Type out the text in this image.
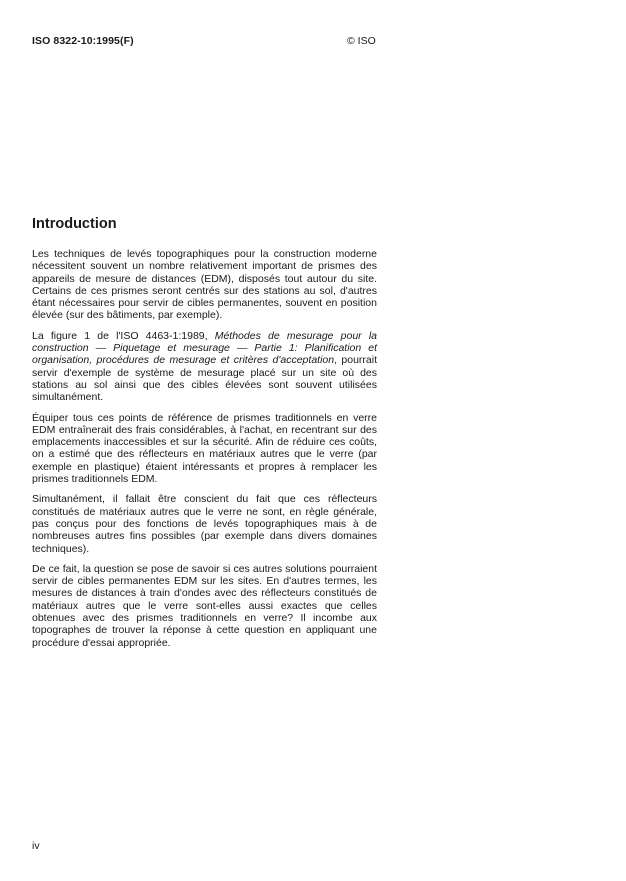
ISO 8322-10:1995(F)	© ISO
Introduction

Les techniques de levés topographiques pour la construction moderne nécessitent souvent un nombre relativement important de prismes des appareils de mesure de distances (EDM), disposés tout autour du site. Certains de ces prismes seront centrés sur des stations au sol, d'autres étant nécessaires pour servir de cibles permanentes, souvent en position élevée (sur des bâtiments, par exemple).

La figure 1 de l'ISO 4463-1:1989, Méthodes de mesurage pour la construction — Piquetage et mesurage — Partie 1: Planification et organisation, procédures de mesurage et critères d'acceptation, pourrait servir d'exemple de système de mesurage placé sur un site où des stations au sol ainsi que des cibles élevées sont souvent utilisées simultanément.

Équiper tous ces points de référence de prismes traditionnels en verre EDM entraînerait des frais considérables, à l'achat, en recentrant sur des emplacements inaccessibles et sur la sécurité. Afin de réduire ces coûts, on a estimé que des réflecteurs en matériaux autres que le verre (par exemple en plastique) étaient intéressants et propres à remplacer les prismes traditionnels EDM.

Simultanément, il fallait être conscient du fait que ces réflecteurs constitués de matériaux autres que le verre ne sont, en règle générale, pas conçus pour des fonctions de levés topographiques mais à de nombreuses autres fins possibles (par exemple dans divers domaines techniques).

De ce fait, la question se pose de savoir si ces autres solutions pourraient servir de cibles permanentes EDM sur les sites. En d'autres termes, les mesures de distances à train d'ondes avec des réflecteurs constitués de matériaux autres que le verre sont-elles aussi exactes que celles obtenues avec des prismes traditionnels en verre? Il incombe aux topographes de trouver la réponse à cette question en appliquant une procédure d'essai appropriée.

iv
